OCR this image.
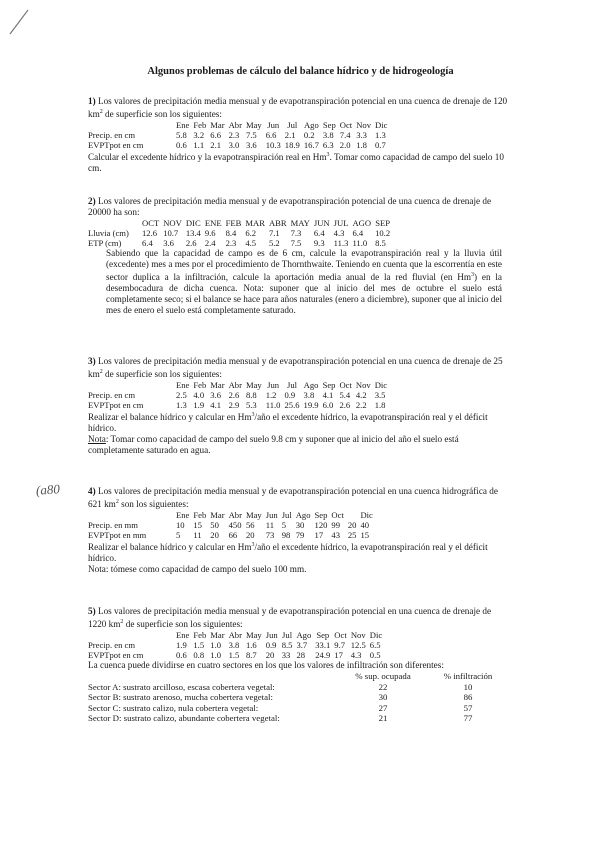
(a80
Algunos problemas de cálculo del balance hídrico y de hidrogeología

1) Los valores de precipitación media mensual y de evapotranspiración potencial en una cuenca de drenaje de 120 $km^2$ de superficie son los siguientes:

	Ene	Feb	Mar	Abr	May	Jun	Jul	Ago	Sep	Oct	Nov	Dic
Precip. en cm	5.8	3.2	6.6	2.3	7.5	6.6	2.1	0.2	3.8	7.4	3.3	1.3
EVPTpot en cm	0.6	1.1	2.1	3.0	3.6	10.3	18.9	16.7	6.3	2.0	1.8	0.7

Calcular el excedente hídrico y la evapotranspiración real en Hm$^3$. Tomar como capacidad de campo del suelo 10 cm.

2) Los valores de precipitación media mensual y de evapotranspiración potencial de una cuenca de drenaje de 20000 ha son:

	OCT	NOV	DIC	ENE	FEB	MAR	ABR	MAY	JUN	JUL	AGO	SEP
Lluvia (cm)	12.6	10.7	13.4	9.6	8.4	6.2	7.1	7.3	6.4	4.3	6.4	10.2
ETP (cm)	6.4	3.6	2.6	2.4	2.3	4.5	5.2	7.5	9.3	11.3	11.0	8.5

Sabiendo que la capacidad de campo es de 6 cm, calcule la evapotranspiración real y la lluvia útil (excedente) mes a mes por el procedimiento de Thornthwaite. Teniendo en cuenta que la escorrentía en este sector duplica a la infiltración, calcule la aportación media anual de la red fluvial (en Hm$^3$) en la desembocadura de dicha cuenca. Nota: suponer que al inicio del mes de octubre el suelo está completamente seco; si el balance se hace para años naturales (enero a diciembre), suponer que al inicio del mes de enero el suelo está completamente saturado.

3) Los valores de precipitación media mensual y de evapotranspiración potencial en una cuenca de drenaje de 25 $km^2$ de superficie son los siguientes:

	Ene	Feb	Mar	Abr	May	Jun	Jul	Ago	Sep	Oct	Nov	Dic
Precip. en cm	2.5	4.0	3.6	2.6	8.8	1.2	0.9	3.8	4.1	5.4	4.2	3.5
EVPTpot en cm	1.3	1.9	4.1	2.9	5.3	11.0	25.6	19.9	6.0	2.6	2.2	1.8

Realizar el balance hídrico y calcular en Hm$^3$/año el excedente hídrico, la evapotranspiración real y el déficit hídrico.

Nota: Tomar como capacidad de campo del suelo 9.8 cm y suponer que al inicio del año el suelo está completamente saturado en agua.

4) Los valores de precipitación media mensual y de evapotranspiración potencial en una cuenca hidrográfica de 621 $km^2$ son los siguientes:

	Ene	Feb	Mar	Abr	May	Jun	Jul	Ago	Sep	Oct		Dic
Precip. en mm	10	15	50	450	56	11	5	30	120	99	20	40
EVPTpot en mm	5	11	20	66	20	73	98	79	17	43	25	15

Realizar el balance hídrico y calcular en Hm$^3$/año el excedente hídrico, la evapotranspiración real y el déficit hídrico.

Nota: tómese como capacidad de campo del suelo 100 mm.

5) Los valores de precipitación media mensual y de evapotranspiración potencial en una cuenca de drenaje de 1220 $km^2$ de superficie son los siguientes:

	Ene	Feb	Mar	Abr	May	Jun	Jul	Ago	Sep	Oct	Nov	Dic
Precip. en cm	1.9	1.5	1.0	3.8	1.6	0.9	8.5	3.7	33.1	9.7	12.5	6.5
EVPTpot en cm	0.6	0.8	1.0	1.5	8.7	20	33	28	24.9	17	4.3	0.5

La cuenca puede dividirse en cuatro sectores en los que los valores de infiltración son diferentes:

	% sup. ocupada	% infiltración
Sector A: sustrato arcilloso, escasa cobertera vegetal:	22	10
Sector B: sustrato arenoso, mucha cobertera vegetal:	30	86
Sector C: sustrato calizo, nula cobertera vegetal:	27	57
Sector D: sustrato calizo, abundante cobertera vegetal:	21	77
